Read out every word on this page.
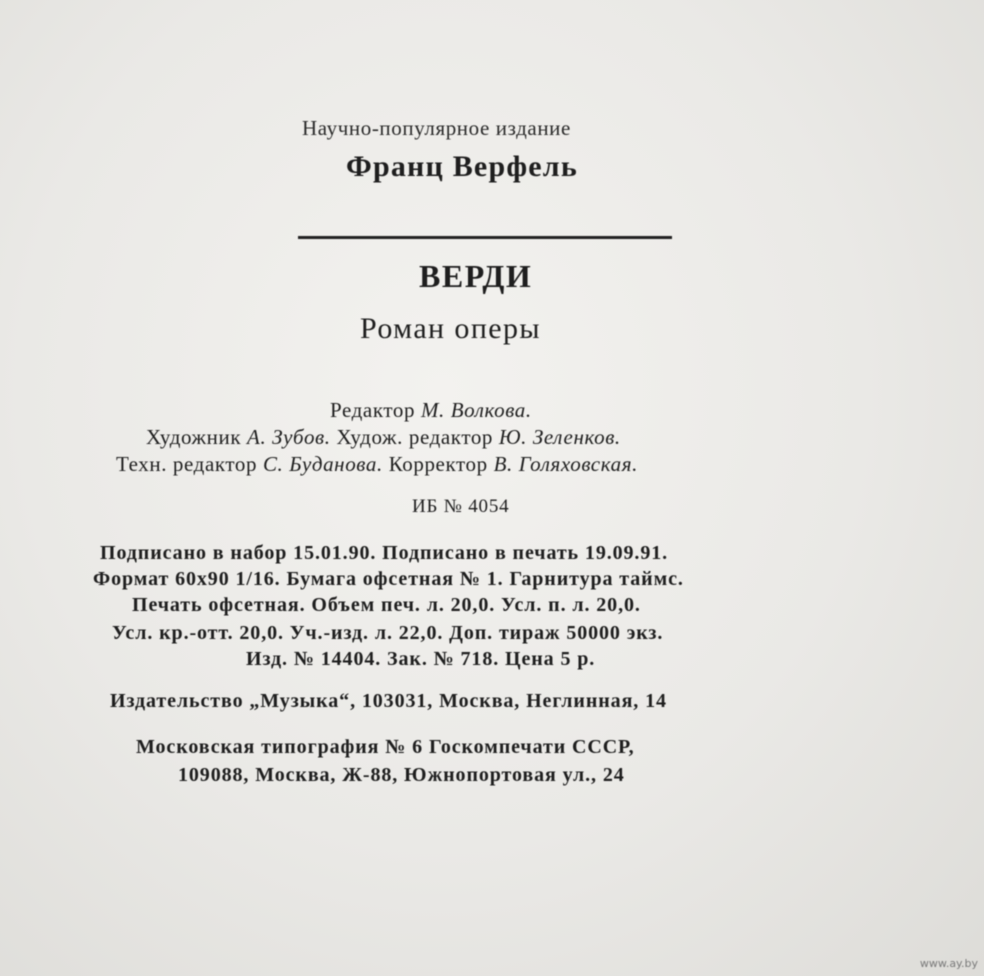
Научно-популярное издание
Франц Верфель
ВЕРДИ
Роман оперы
Редактор М. Волкова.
Художник А. Зубов. Худож. редактор Ю. Зеленков.
Техн. редактор С. Буданова. Корректор В. Голяховская.
ИБ № 4054
Подписано в набор 15.01.90. Подписано в печать 19.09.91.
Формат 60х90 1/16. Бумага офсетная № 1. Гарнитура таймс.
Печать офсетная. Объем печ. л. 20,0. Усл. п. л. 20,0.
Усл. кр.-отт. 20,0. Уч.-изд. л. 22,0. Доп. тираж 50000 экз.
Изд. № 14404. Зак. № 718. Цена 5 р.
Издательство „Музыка“, 103031, Москва, Неглинная, 14
Московская типография № 6 Госкомпечати СССР,
109088, Москва, Ж-88, Южнопортовая ул., 24
www.ay.by
